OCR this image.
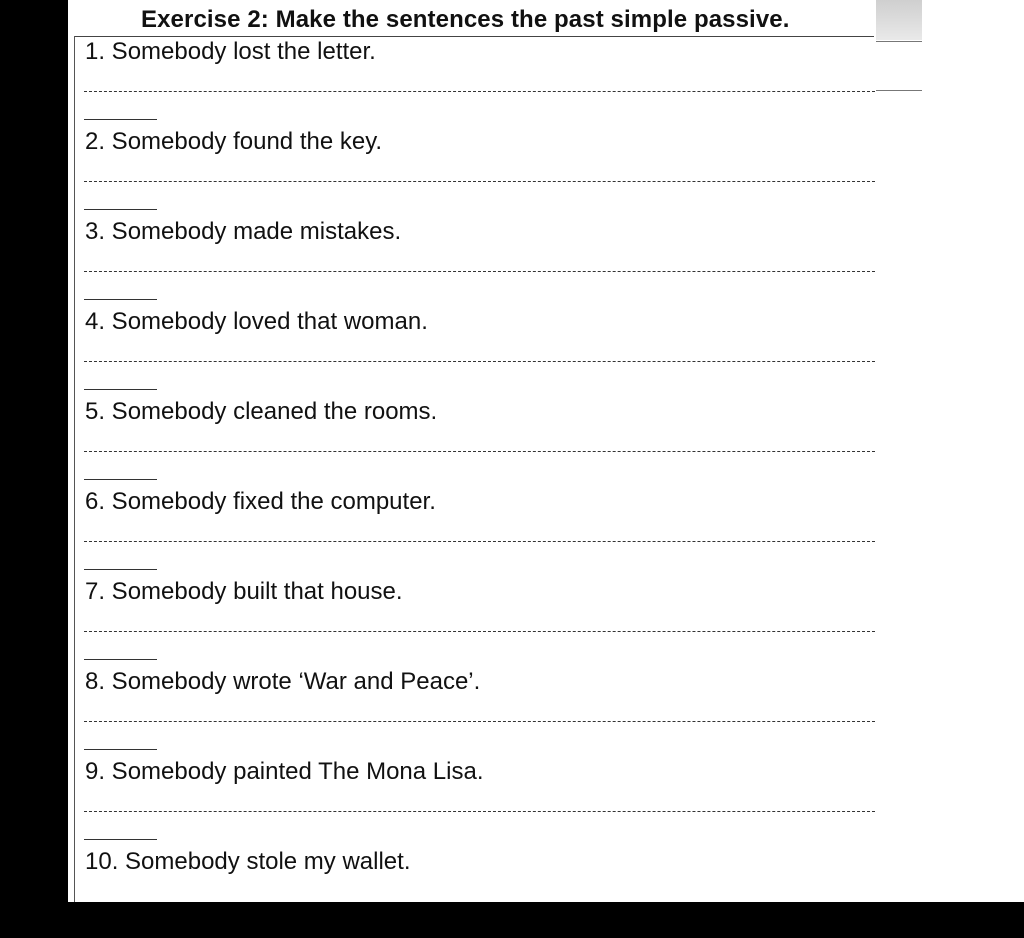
Exercise 2: Make the sentences the past simple passive.
1. Somebody lost the letter.
2. Somebody found the key.
3. Somebody made mistakes.
4. Somebody loved that woman.
5. Somebody cleaned the rooms.
6. Somebody fixed the computer.
7. Somebody built that house.
8. Somebody wrote ‘War and Peace’.
9. Somebody painted The Mona Lisa.
10. Somebody stole my wallet.
